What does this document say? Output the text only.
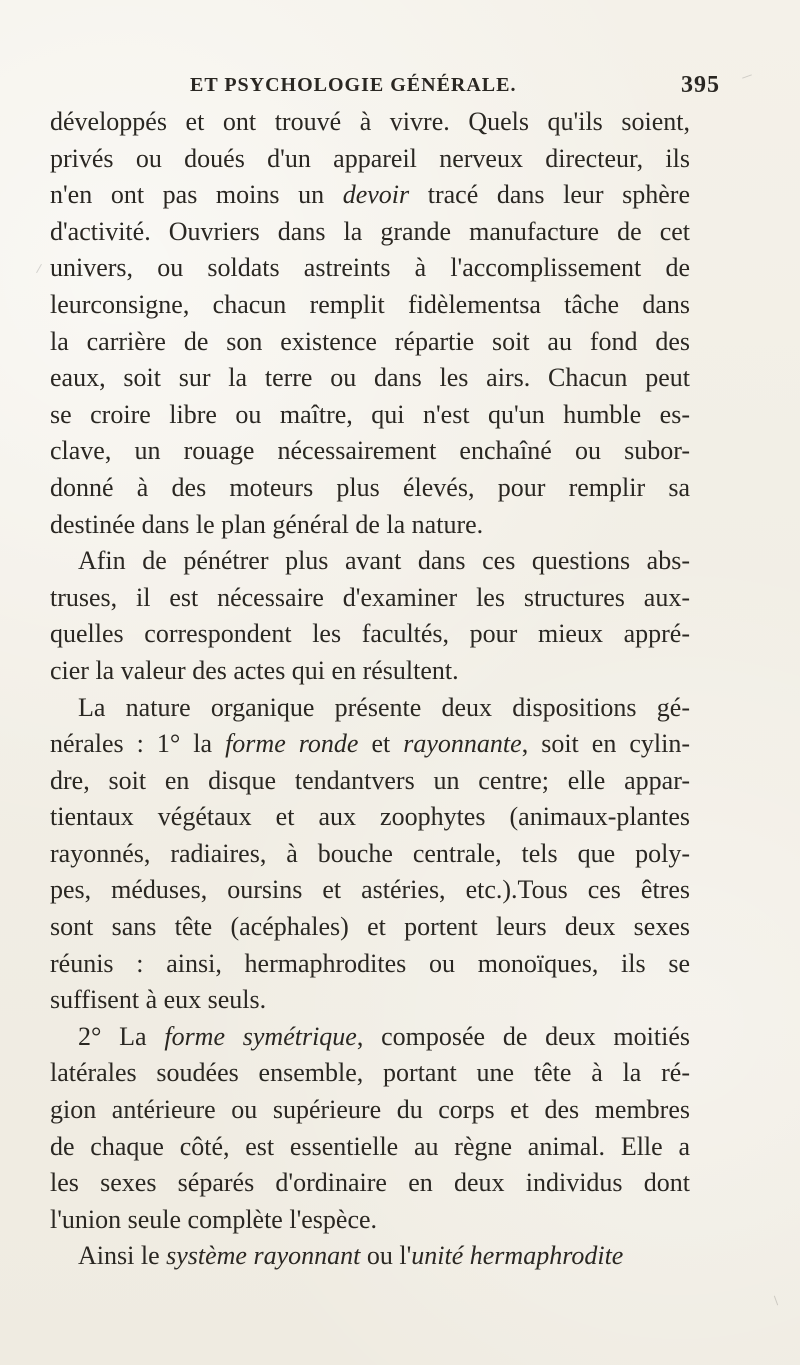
ET PSYCHOLOGIE GÉNÉRALE.	395
développés et ont trouvé à vivre. Quels qu'ils soient,
privés ou doués d'un appareil nerveux directeur, ils
n'en ont pas moins un devoir tracé dans leur sphère
d'activité. Ouvriers dans la grande manufacture de cet
univers, ou soldats astreints à l'accomplissement de
leurconsigne, chacun remplit fidèlementsa tâche dans
la carrière de son existence répartie soit au fond des
eaux, soit sur la terre ou dans les airs. Chacun peut
se croire libre ou maître, qui n'est qu'un humble es-
clave, un rouage nécessairement enchaîné ou subor-
donné à des moteurs plus élevés, pour remplir sa
destinée dans le plan général de la nature.
Afin de pénétrer plus avant dans ces questions abs-
truses, il est nécessaire d'examiner les structures aux-
quelles correspondent les facultés, pour mieux appré-
cier la valeur des actes qui en résultent.
La nature organique présente deux dispositions gé-
nérales : 1° la forme ronde et rayonnante, soit en cylin-
dre, soit en disque tendantvers un centre; elle appar-
tientaux végétaux et aux zoophytes (animaux-plantes
rayonnés, radiaires, à bouche centrale, tels que poly-
pes, méduses, oursins et astéries, etc.).Tous ces êtres
sont sans tête (acéphales) et portent leurs deux sexes
réunis : ainsi, hermaphrodites ou monoïques, ils se
suffisent à eux seuls.
2° La forme symétrique, composée de deux moitiés
latérales soudées ensemble, portant une tête à la ré-
gion antérieure ou supérieure du corps et des membres
de chaque côté, est essentielle au règne animal. Elle a
les sexes séparés d'ordinaire en deux individus dont
l'union seule complète l'espèce.
Ainsi le système rayonnant ou l'unité hermaphrodite
